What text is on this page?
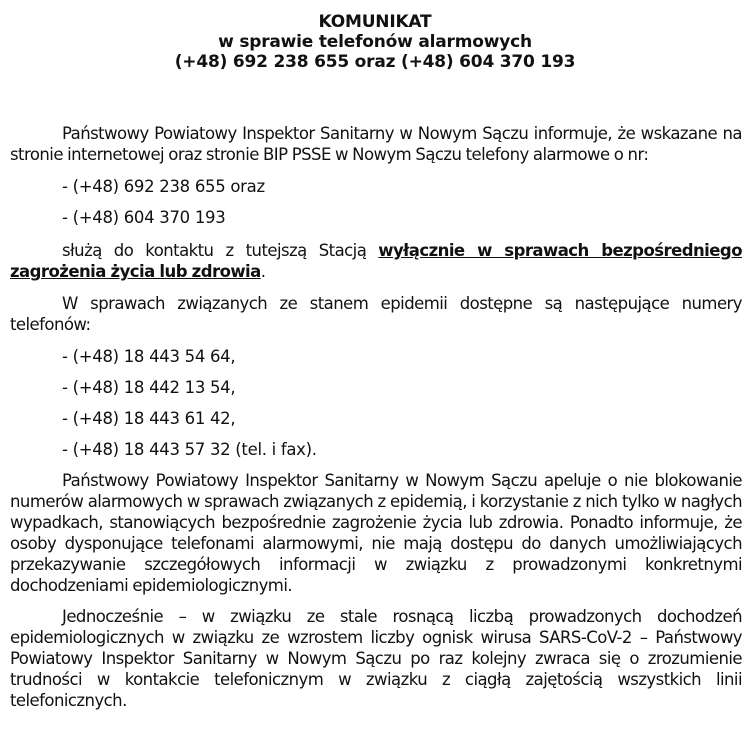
KOMUNIKAT
w sprawie telefonów alarmowych
(+48) 692 238 655 oraz (+48) 604 370 193

Państwowy Powiatowy Inspektor Sanitarny w Nowym Sączu informuje, że wskazane na stronie internetowej oraz stronie BIP PSSE w Nowym Sączu telefony alarmowe o nr:

- (+48) 692 238 655 oraz
- (+48) 604 370 193

służą do kontaktu z tutejszą Stacją wyłącznie w sprawach bezpośredniego zagrożenia życia lub zdrowia.

W sprawach związanych ze stanem epidemii dostępne są następujące numery telefonów:

- (+48) 18 443 54 64,
- (+48) 18 442 13 54,
- (+48) 18 443 61 42,
- (+48) 18 443 57 32 (tel. i fax).

Państwowy Powiatowy Inspektor Sanitarny w Nowym Sączu apeluje o nie blokowanie numerów alarmowych w sprawach związanych z epidemią, i korzystanie z nich tylko w nagłych wypadkach, stanowiących bezpośrednie zagrożenie życia lub zdrowia. Ponadto informuje, że osoby dysponujące telefonami alarmowymi, nie mają dostępu do danych umożliwiających przekazywanie szczegółowych informacji w związku z prowadzonymi konkretnymi dochodzeniami epidemiologicznymi.

Jednocześnie – w związku ze stale rosnącą liczbą prowadzonych dochodzeń epidemiologicznych w związku ze wzrostem liczby ognisk wirusa SARS-CoV-2 – Państwowy Powiatowy Inspektor Sanitarny w Nowym Sączu po raz kolejny zwraca się o zrozumienie trudności w kontakcie telefonicznym w związku z ciągłą zajętością wszystkich linii telefonicznych.
